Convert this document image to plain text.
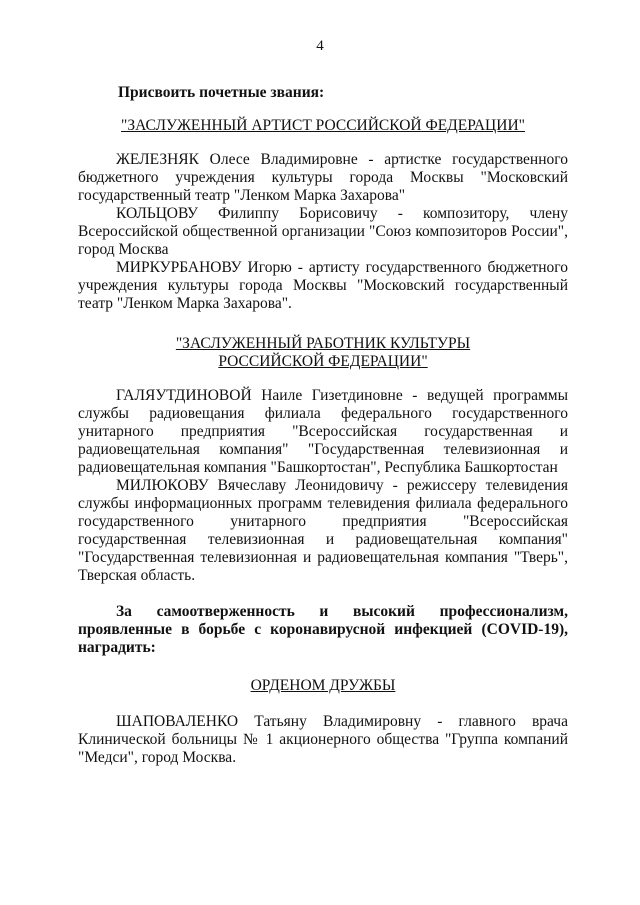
4
Присвоить почетные звания:
"ЗАСЛУЖЕННЫЙ АРТИСТ РОССИЙСКОЙ ФЕДЕРАЦИИ"

ЖЕЛЕЗНЯК Олесе Владимировне - артистке государственного бюджетного учреждения культуры города Москвы "Московский государственный театр "Ленком Марка Захарова"

КОЛЬЦОВУ Филиппу Борисовичу - композитору, члену Всероссийской общественной организации "Союз композиторов России", город Москва

МИРКУРБАНОВУ Игорю - артисту государственного бюджетного учреждения культуры города Москвы "Московский государственный театр "Ленком Марка Захарова".

"ЗАСЛУЖЕННЫЙ РАБОТНИК КУЛЬТУРЫ
РОССИЙСКОЙ ФЕДЕРАЦИИ"

ГАЛЯУТДИНОВОЙ Наиле Гизетдиновне - ведущей программы службы радиовещания филиала федерального государственного унитарного предприятия "Всероссийская государственная и радиовещательная компания" "Государственная телевизионная и радиовещательная компания "Башкортостан", Республика Башкортостан

МИЛЮКОВУ Вячеславу Леонидовичу - режиссеру телевидения службы информационных программ телевидения филиала федерального государственного унитарного предприятия "Всероссийская государственная телевизионная и радиовещательная компания" "Государственная телевизионная и радиовещательная компания "Тверь", Тверская область.

За самоотверженность и высокий профессионализм, проявленные в борьбе с коронавирусной инфекцией (COVID-19), наградить:

ОРДЕНОМ ДРУЖБЫ

ШАПОВАЛЕНКО Татьяну Владимировну - главного врача Клинической больницы № 1 акционерного общества "Группа компаний "Медси", город Москва.
